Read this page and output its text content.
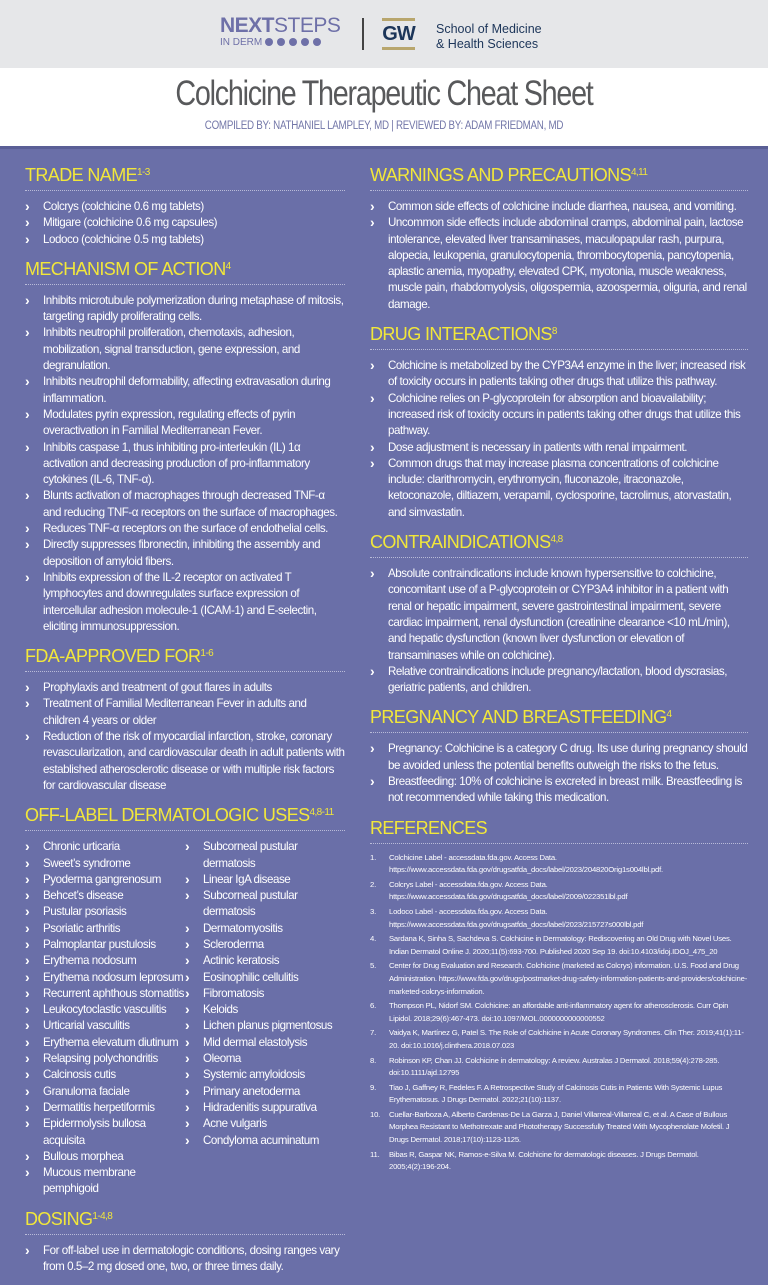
NEXTSTEPS
IN DERM	GW School of Medicine
& Health Sciences
Colchicine Therapeutic Cheat Sheet
COMPILED BY: NATHANIEL LAMPLEY, MD | REVIEWED BY: ADAM FRIEDMAN, MD
TRADE NAME$^{1-3}$
› Colcrys (colchicine 0.6 mg tablets)
› Mitigare (colchicine 0.6 mg capsules)
› Lodoco (colchicine 0.5 mg tablets)
MECHANISM OF ACTION$^4$
› Inhibits microtubule polymerization during metaphase of mitosis, targeting rapidly proliferating cells.
› Inhibits neutrophil proliferation, chemotaxis, adhesion, mobilization, signal transduction, gene expression, and degranulation.
› Inhibits neutrophil deformability, affecting extravasation during inflammation.
› Modulates pyrin expression, regulating effects of pyrin overactivation in Familial Mediterranean Fever.
› Inhibits caspase 1, thus inhibiting pro-interleukin (IL) 1α activation and decreasing production of pro-inflammatory cytokines (IL-6, TNF-α).
› Blunts activation of macrophages through decreased TNF-α and reducing TNF-α receptors on the surface of macrophages.
› Reduces TNF-α receptors on the surface of endothelial cells.
› Directly suppresses fibronectin, inhibiting the assembly and deposition of amyloid fibers.
› Inhibits expression of the IL-2 receptor on activated T lymphocytes and downregulates surface expression of intercellular adhesion molecule-1 (ICAM-1) and E-selectin, eliciting immunosuppression.
FDA-APPROVED FOR$^{1-6}$
› Prophylaxis and treatment of gout flares in adults
› Treatment of Familial Mediterranean Fever in adults and children 4 years or older
› Reduction of the risk of myocardial infarction, stroke, coronary revascularization, and cardiovascular death in adult patients with established atherosclerotic disease or with multiple risk factors for cardiovascular disease
OFF-LABEL DERMATOLOGIC USES$^{4,8-11}$
› Chronic urticaria
› Sweet’s syndrome
› Pyoderma gangrenosum
› Behcet’s disease
› Pustular psoriasis
› Psoriatic arthritis
› Palmoplantar pustulosis
› Erythema nodosum
› Erythema nodosum leprosum
› Recurrent aphthous stomatitis
› Leukocytoclastic vasculitis
› Urticarial vasculitis
› Erythema elevatum diutinum
› Relapsing polychondritis
› Calcinosis cutis
› Granuloma faciale
› Dermatitis herpetiformis
› Epidermolysis bullosa acquisita
› Bullous morphea
› Mucous membrane pemphigoid
› Subcorneal pustular dermatosis
› Linear IgA disease
› Subcorneal pustular dermatosis
› Dermatomyositis
› Scleroderma
› Actinic keratosis
› Eosinophilic cellulitis
› Fibromatosis
› Keloids
› Lichen planus pigmentosus
› Mid dermal elastolysis
› Oleoma
› Systemic amyloidosis
› Primary anetoderma
› Hidradenitis suppurativa
› Acne vulgaris
› Condyloma acuminatum
DOSING$^{1-4,8}$
› For off-label use in dermatologic conditions, dosing ranges vary from 0.5–2 mg dosed one, two, or three times daily.
WARNINGS AND PRECAUTIONS$^{4,11}$
› Common side effects of colchicine include diarrhea, nausea, and vomiting.
› Uncommon side effects include abdominal cramps, abdominal pain, lactose intolerance, elevated liver transaminases, maculopapular rash, purpura, alopecia, leukopenia, granulocytopenia, thrombocytopenia, pancytopenia, aplastic anemia, myopathy, elevated CPK, myotonia, muscle weakness, muscle pain, rhabdomyolysis, oligospermia, azoospermia, oliguria, and renal damage.
DRUG INTERACTIONS$^8$
› Colchicine is metabolized by the CYP3A4 enzyme in the liver; increased risk of toxicity occurs in patients taking other drugs that utilize this pathway.
› Colchicine relies on P-glycoprotein for absorption and bioavailability; increased risk of toxicity occurs in patients taking other drugs that utilize this pathway.
› Dose adjustment is necessary in patients with renal impairment.
› Common drugs that may increase plasma concentrations of colchicine include: clarithromycin, erythromycin, fluconazole, itraconazole, ketoconazole, diltiazem, verapamil, cyclosporine, tacrolimus, atorvastatin, and simvastatin.
CONTRAINDICATIONS$^{4,8}$
› Absolute contraindications include known hypersensitive to colchicine, concomitant use of a P-glycoprotein or CYP3A4 inhibitor in a patient with renal or hepatic impairment, severe gastrointestinal impairment, severe cardiac impairment, renal dysfunction (creatinine clearance <10 mL/min), and hepatic dysfunction (known liver dysfunction or elevation of transaminases while on colchicine).
› Relative contraindications include pregnancy/lactation, blood dyscrasias, geriatric patients, and children.
PREGNANCY AND BREASTFEEDING$^4$
› Pregnancy: Colchicine is a category C drug. Its use during pregnancy should be avoided unless the potential benefits outweigh the risks to the fetus.
› Breastfeeding: 10% of colchicine is excreted in breast milk. Breastfeeding is not recommended while taking this medication.
REFERENCES
1. Colchicine Label - accessdata.fda.gov. Access Data. https://www.accessdata.fda.gov/drugsatfda_docs/label/2023/204820Orig1s004lbl.pdf.
2. Colcrys Label - accessdata.fda.gov. Access Data. https://www.accessdata.fda.gov/drugsatfda_docs/label/2009/022351lbl.pdf
3. Lodoco Label - accessdata.fda.gov. Access Data. https://www.accessdata.fda.gov/drugsatfda_docs/label/2023/215727s000lbl.pdf
4. Sardana K, Sinha S, Sachdeva S. Colchicine in Dermatology: Rediscovering an Old Drug with Novel Uses. Indian Dermatol Online J. 2020;11(5):693-700. Published 2020 Sep 19. doi:10.4103/idoj.IDOJ_475_20
5. Center for Drug Evaluation and Research. Colchicine (marketed as Colcrys) information. U.S. Food and Drug Administration. https://www.fda.gov/drugs/postmarket-drug-safety-information-patients-and-providers/colchicine-marketed-colcrys-information.
6. Thompson PL, Nidorf SM. Colchicine: an affordable anti-inflammatory agent for atherosclerosis. Curr Opin Lipidol. 2018;29(6):467-473. doi:10.1097/MOL.0000000000000552
7. Vaidya K, Martínez G, Patel S. The Role of Colchicine in Acute Coronary Syndromes. Clin Ther. 2019;41(1):11-20. doi:10.1016/j.clinthera.2018.07.023
8. Robinson KP, Chan JJ. Colchicine in dermatology: A review. Australas J Dermatol. 2018;59(4):278-285. doi:10.1111/ajd.12795
9. Tiao J, Gaffney R, Fedeles F. A Retrospective Study of Calcinosis Cutis in Patients With Systemic Lupus Erythematosus. J Drugs Dermatol. 2022;21(10):1137.
10. Cuellar-Barboza A, Alberto Cardenas-De La Garza J, Daniel Villarreal-Villarreal C, et al. A Case of Bullous Morphea Resistant to Methotrexate and Phototherapy Successfully Treated With Mycophenolate Mofetil. J Drugs Dermatol. 2018;17(10):1123-1125.
11. Bibas R, Gaspar NK, Ramos-e-Silva M. Colchicine for dermatologic diseases. J Drugs Dermatol. 2005;4(2):196-204.
